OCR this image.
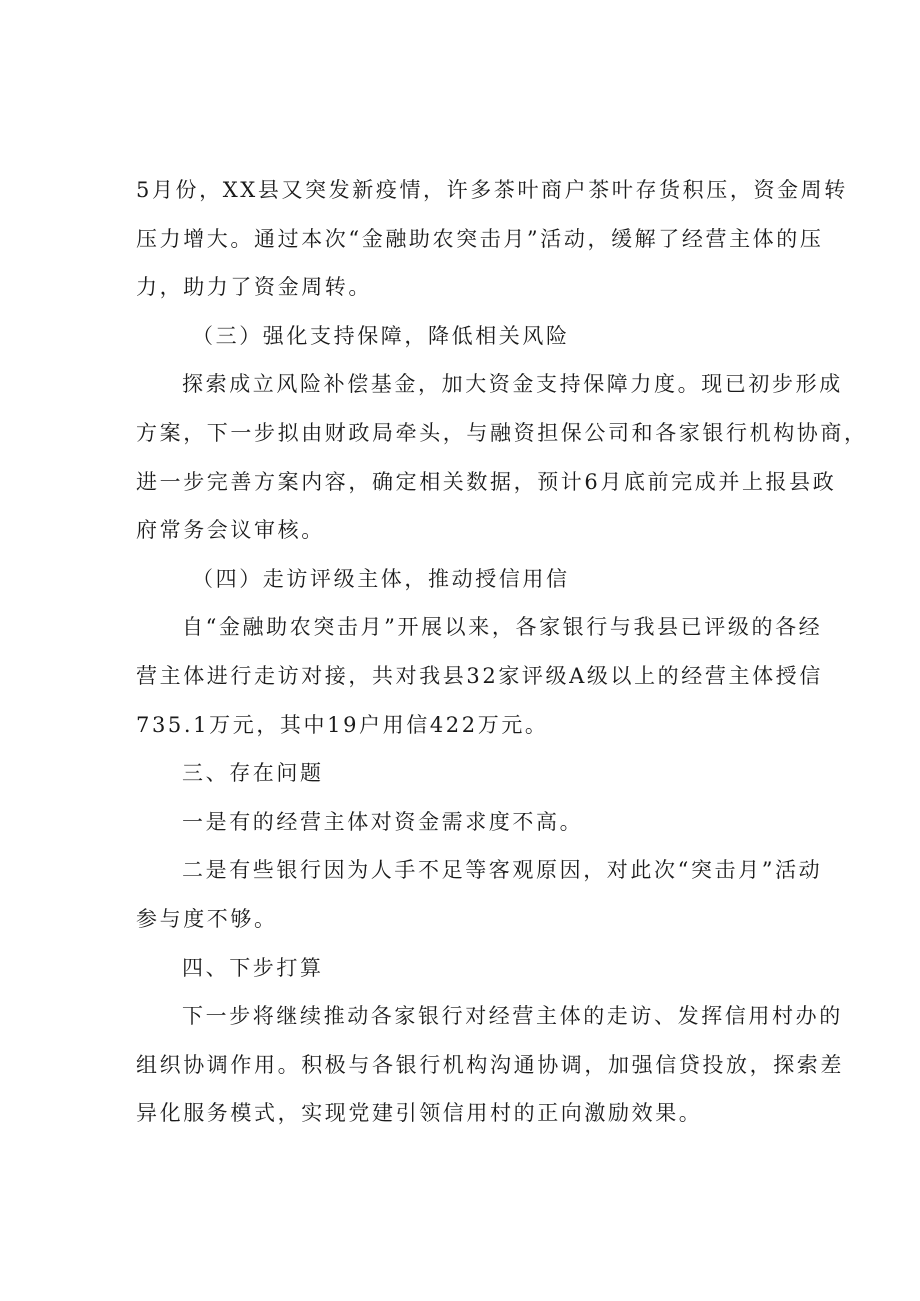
5月份，XX县又突发新疫情，许多茶叶商户茶叶存货积压，资金周转
压力增大。通过本次“金融助农突击月”活动，缓解了经营主体的压
力，助力了资金周转。
（三）强化支持保障，降低相关风险
探索成立风险补偿基金，加大资金支持保障力度。现已初步形成
方案，下一步拟由财政局牵头，与融资担保公司和各家银行机构协商，
进一步完善方案内容，确定相关数据，预计6月底前完成并上报县政
府常务会议审核。
（四）走访评级主体，推动授信用信
自“金融助农突击月”开展以来，各家银行与我县已评级的各经
营主体进行走访对接，共对我县32家评级A级以上的经营主体授信
735.1万元，其中19户用信422万元。
三、存在问题
一是有的经营主体对资金需求度不高。
二是有些银行因为人手不足等客观原因，对此次“突击月”活动
参与度不够。
四、下步打算
下一步将继续推动各家银行对经营主体的走访、发挥信用村办的
组织协调作用。积极与各银行机构沟通协调，加强信贷投放，探索差
异化服务模式，实现党建引领信用村的正向激励效果。
